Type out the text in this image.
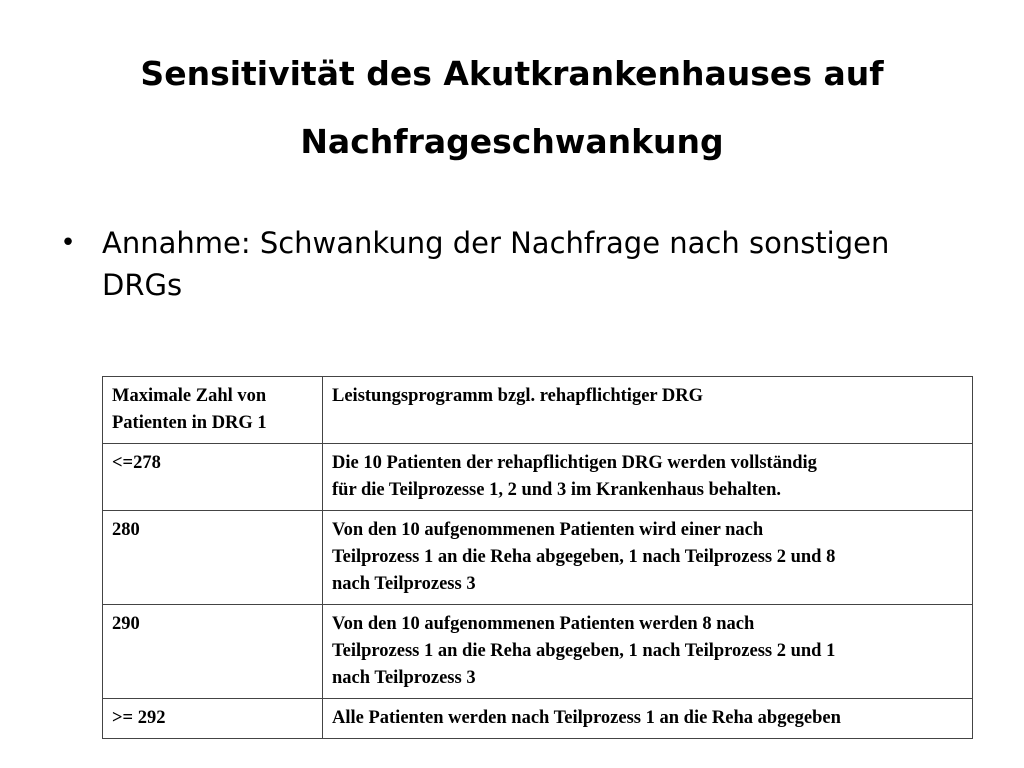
Sensitivität des Akutkrankenhauses auf
Nachfrageschwankung
• Annahme: Schwankung der Nachfrage nach sonstigen
DRGs
Maximale Zahl von
Patienten in DRG 1	Leistungsprogramm bzgl. rehapflichtiger DRG

<=278	Die 10 Patienten der rehapflichtigen DRG werden vollständig
für die Teilprozesse 1, 2 und 3 im Krankenhaus behalten.

280	Von den 10 aufgenommenen Patienten wird einer nach
Teilprozess 1 an die Reha abgegeben, 1 nach Teilprozess 2 und 8
nach Teilprozess 3

290	Von den 10 aufgenommenen Patienten werden 8 nach
Teilprozess 1 an die Reha abgegeben, 1 nach Teilprozess 2 und 1
nach Teilprozess 3

>= 292	Alle Patienten werden nach Teilprozess 1 an die Reha abgegeben
